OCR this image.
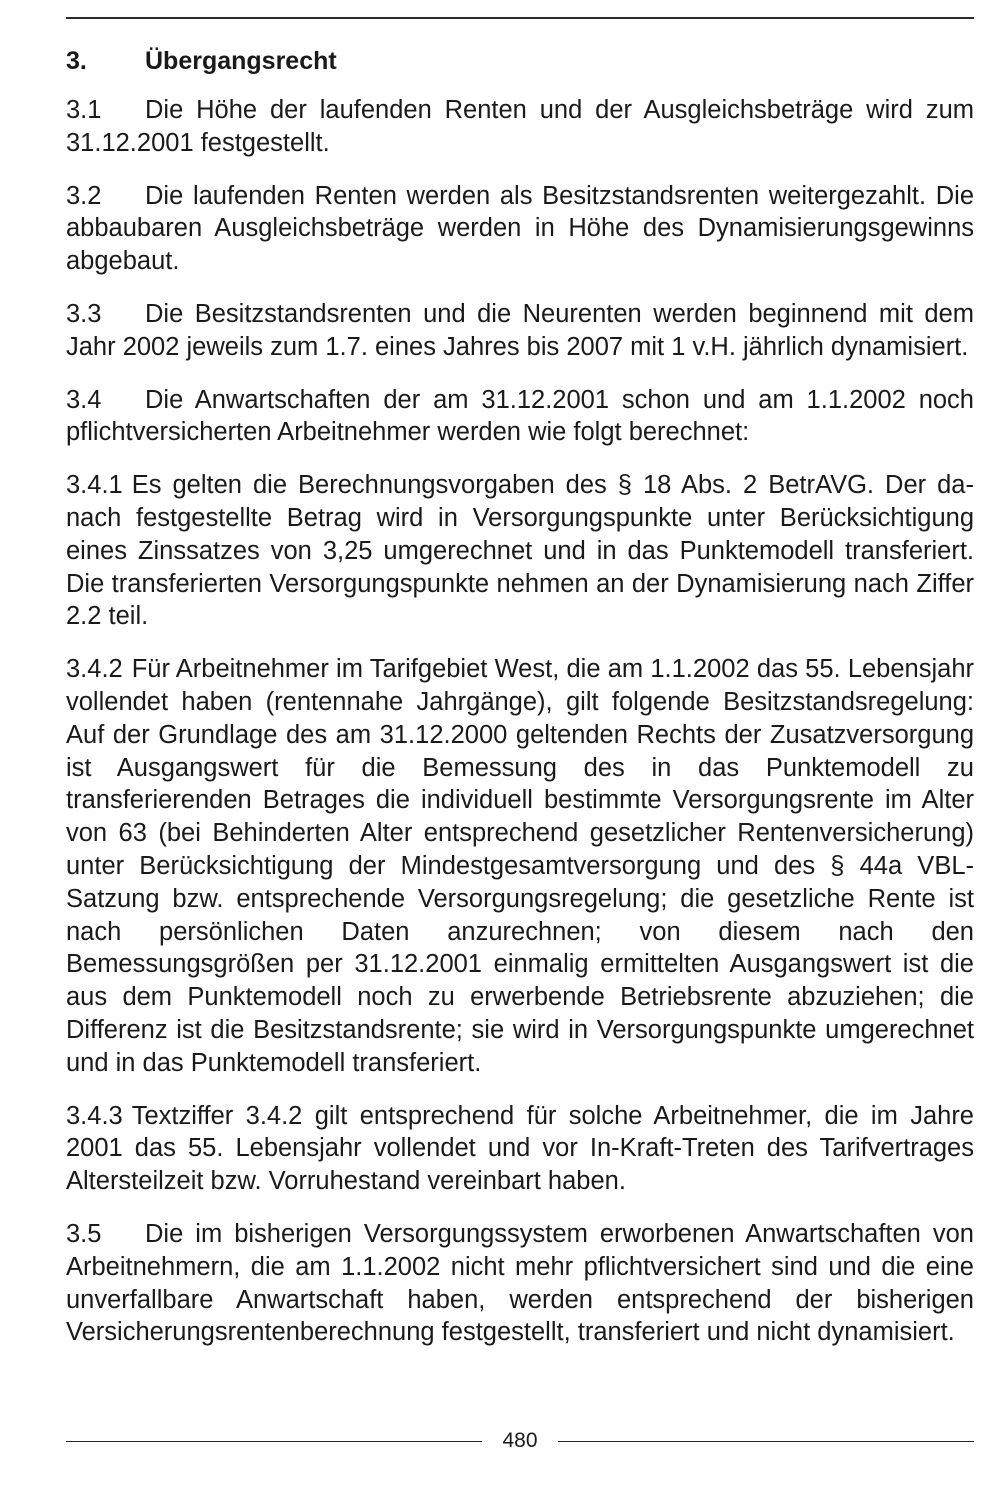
3.	Übergangsrecht

3.1 Die Höhe der laufenden Renten und der Ausgleichsbeträge wird zum 31.12.2001 festgestellt.

3.2 Die laufenden Renten werden als Besitzstandsrenten weitergezahlt. Die abbaubaren Ausgleichsbeträge werden in Höhe des Dynamisierungsgewinns abgebaut.

3.3 Die Besitzstandsrenten und die Neurenten werden beginnend mit dem Jahr 2002 jeweils zum 1.7. eines Jahres bis 2007 mit 1 v.H. jährlich dynamisiert.

3.4 Die Anwartschaften der am 31.12.2001 schon und am 1.1.2002 noch pflichtversicherten Arbeitnehmer werden wie folgt berechnet:

3.4.1 Es gelten die Berechnungsvorgaben des § 18 Abs. 2 BetrAVG. Der danach festgestellte Betrag wird in Versorgungspunkte unter Berücksichtigung eines Zinssatzes von 3,25 umgerechnet und in das Punktemodell transferiert. Die transferierten Versorgungspunkte nehmen an der Dynamisierung nach Ziffer 2.2 teil.

3.4.2 Für Arbeitnehmer im Tarifgebiet West, die am 1.1.2002 das 55. Lebensjahr vollendet haben (rentennahe Jahrgänge), gilt folgende Besitzstandsregelung: Auf der Grundlage des am 31.12.2000 geltenden Rechts der Zusatzversorgung ist Ausgangswert für die Bemessung des in das Punktemodell zu transferierenden Betrages die individuell bestimmte Versorgungsrente im Alter von 63 (bei Behinderten Alter entsprechend gesetzlicher Rentenversicherung) unter Berücksichtigung der Mindestgesamtversorgung und des § 44a VBL-Satzung bzw. entsprechende Versorgungsregelung; die gesetzliche Rente ist nach persönlichen Daten anzurechnen; von diesem nach den Bemessungsgrößen per 31.12.2001 einmalig ermittelten Ausgangswert ist die aus dem Punktemodell noch zu erwerbende Betriebsrente abzuziehen; die Differenz ist die Besitzstandsrente; sie wird in Versorgungspunkte umgerechnet und in das Punktemodell transferiert.

3.4.3 Textziffer 3.4.2 gilt entsprechend für solche Arbeitnehmer, die im Jahre 2001 das 55. Lebensjahr vollendet und vor In-Kraft-Treten des Tarifvertrages Altersteilzeit bzw. Vorruhestand vereinbart haben.

3.5 Die im bisherigen Versorgungssystem erworbenen Anwartschaften von Arbeitnehmern, die am 1.1.2002 nicht mehr pflichtversichert sind und die eine unverfallbare Anwartschaft haben, werden entsprechend der bisherigen Versicherungsrentenberechnung festgestellt, transferiert und nicht dynamisiert.

480
